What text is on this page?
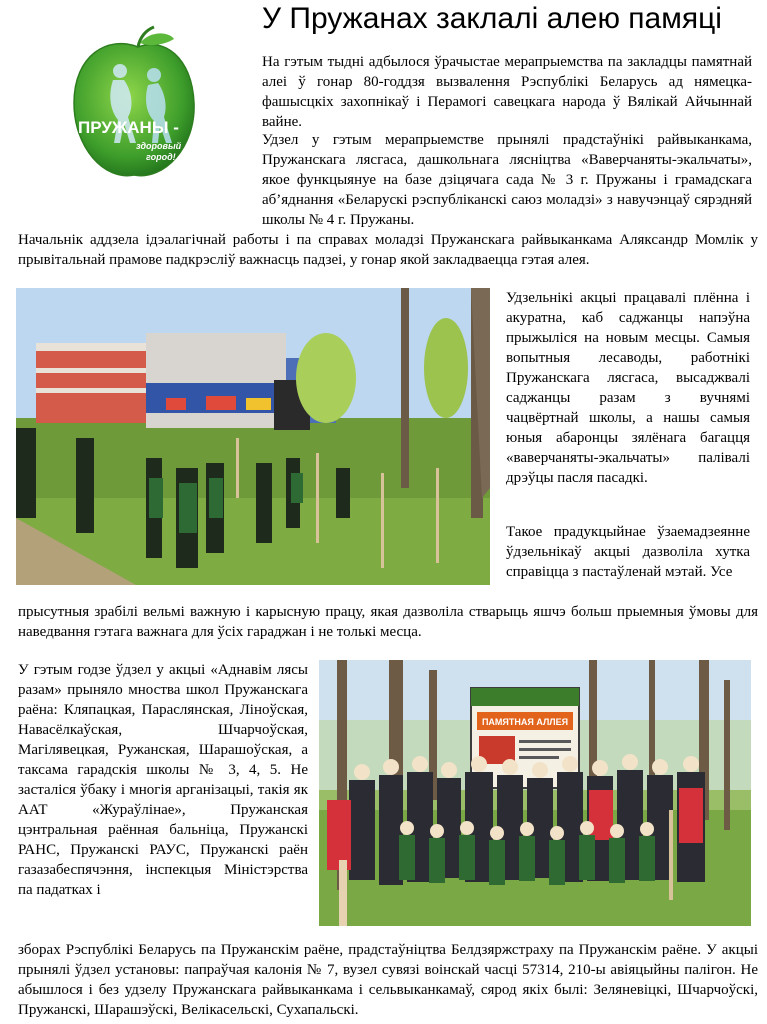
У Пружанах заклалі алею памяці
ПРУЖАНЫ -
здоровый
город!

На гэтым тыдні адбылося ўрачыстае мерапрыемства па закладцы памятнай алеі ў гонар 80-годдзя вызвалення Рэспублікі Беларусь ад нямецка-фашысцкіх захопнікаў і Перамогі савецкага народа ў Вялікай Айчыннай вайне.

Удзел у гэтым мерапрыемстве прынялі прадстаўнікі райвыканкама, Пружанскага лясгаса, дашкольнага лясніцтва «Ваверчаняты-экальчаты», якое функцыянуе на базе дзіцячага сада № 3 г. Пружаны і грамадскага аб’яднання «Беларускі рэспубліканскі саюз моладзі» з навучэнцаў сярэдняй школы № 4 г. Пружаны.

Начальнік аддзела ідэалагічнай работы і па справах моладзі Пружанскага райвыканкама Аляксандр Момлік у прывітальнай прамове падкрэсліў важнасць падзеі, у гонар якой закладваецца гэтая алея.

Удзельнікі акцыі працавалі плённа і акуратна, каб саджанцы напэўна прыжыліся на новым месцы. Самыя вопытныя лесаводы, работнікі Пружанскага лясгаса, высаджвалі саджанцы разам з вучнямі чацвёртнай школы, а нашы самыя юныя абаронцы зялёнага багацця «ваверчаняты-экальчаты» палівалі дрэўцы пасля пасадкі.

Такое прадукцыйнае ўзаемадзеянне ўдзельнікаў акцыі дазволіла хутка справіцца з пастаўленай мэтай. Усе

прысутныя зрабілі вельмі важную і карысную працу, якая дазволіла стварыць яшчэ больш прыемныя ўмовы для наведвання гэтага важнага для ўсіх гараджан і не толькі месца.

У гэтым годзе ўдзел у акцыі «Аднавім лясы разам» прыняло мноства школ Пружанскага раёна: Кляпацкая, Параслянская, Ліноўская, Навасёлкаўская, Шчарчоўская, Магілявецкая, Ружанская, Шарашоўская, а таксама гарадскія школы № 3, 4, 5. Не засталіся ўбаку і многія арганізацыі, такія як ААТ «Жураўлінае», Пружанская цэнтральная раённая бальніца, Пружанскі РАНС, Пружанскі РАУС, Пружанскі раён газазабеспячэння, інспекцыя Міністэрства па падатках і

ПАМЯТНАЯ АЛЛЕЯ

зборах Рэспублікі Беларусь па Пружанскім раёне, прадстаўніцтва Белдзяржстраху па Пружанскім раёне. У акцыі прынялі ўдзел установы: папраўчая калонія № 7, вузел сувязі воінскай часці 57314, 210-ы авіяцыйны палігон. Не абышлося і без удзелу Пружанскага райвыканкама і сельвыканкамаў, сярод якіх былі: Зеляневіцкі, Шчарчоўскі, Пружанскі, Шарашэўскі, Велікасельскі, Сухапальскі.
